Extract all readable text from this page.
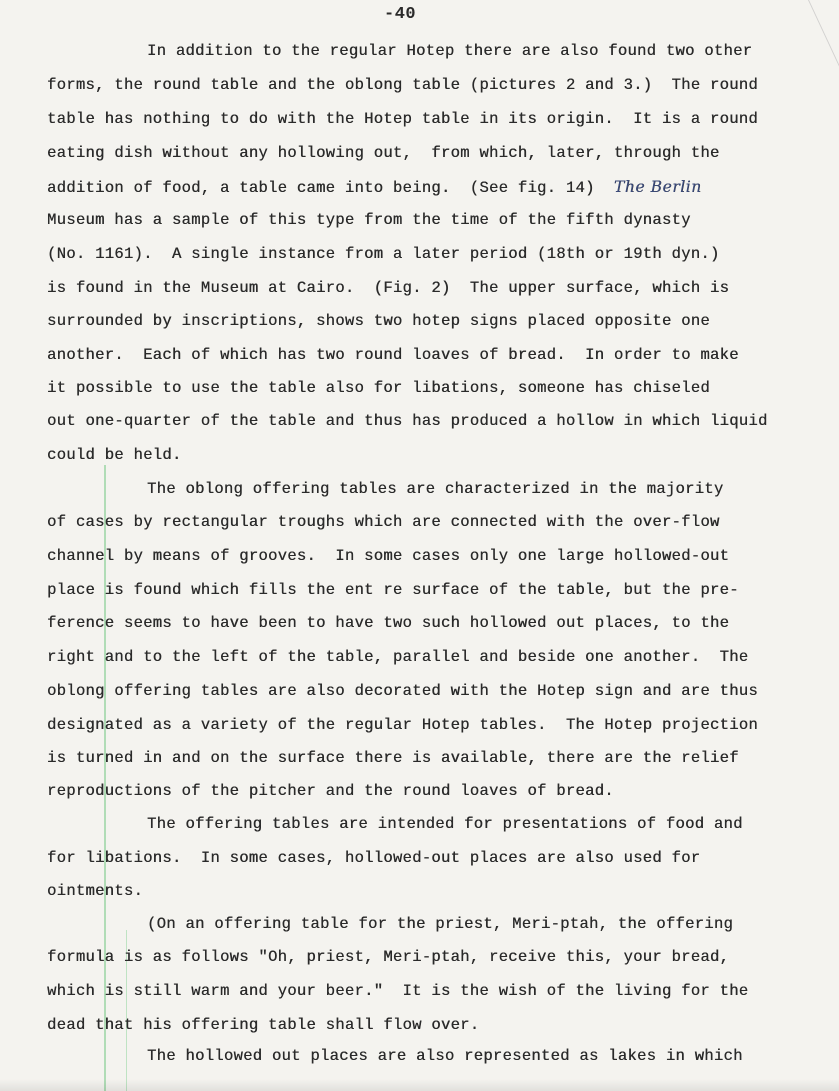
-40
In addition to the regular Hotep there are also found two other
forms, the round table and the oblong table (pictures 2 and 3.)  The round
table has nothing to do with the Hotep table in its origin.  It is a round
eating dish without any hollowing out,  from which, later, through the
addition of food, a table came into being.  (See fig. 14) The Berlin
Museum has a sample of this type from the time of the fifth dynasty
(No. 1161).  A single instance from a later period (18th or 19th dyn.)
is found in the Museum at Cairo.  (Fig. 2)  The upper surface, which is
surrounded by inscriptions, shows two hotep signs placed opposite one
another.  Each of which has two round loaves of bread.  In order to make
it possible to use the table also for libations, someone has chiseled
out one-quarter of the table and thus has produced a hollow in which liquid
could be held.
The oblong offering tables are characterized in the majority
of cases by rectangular troughs which are connected with the over-flow
channel by means of grooves.  In some cases only one large hollowed-out
place is found which fills the ent re surface of the table, but the pre-
ference seems to have been to have two such hollowed out places, to the
right and to the left of the table, parallel and beside one another.  The
oblong offering tables are also decorated with the Hotep sign and are thus
designated as a variety of the regular Hotep tables.  The Hotep projection
is turned in and on the surface there is available, there are the relief
reproductions of the pitcher and the round loaves of bread.
The offering tables are intended for presentations of food and
for libations.  In some cases, hollowed-out places are also used for
ointments.
(On an offering table for the priest, Meri-ptah, the offering
formula is as follows "Oh, priest, Meri-ptah, receive this, your bread,
which is still warm and your beer."  It is the wish of the living for the
dead that his offering table shall flow over.
The hollowed out places are also represented as lakes in which
